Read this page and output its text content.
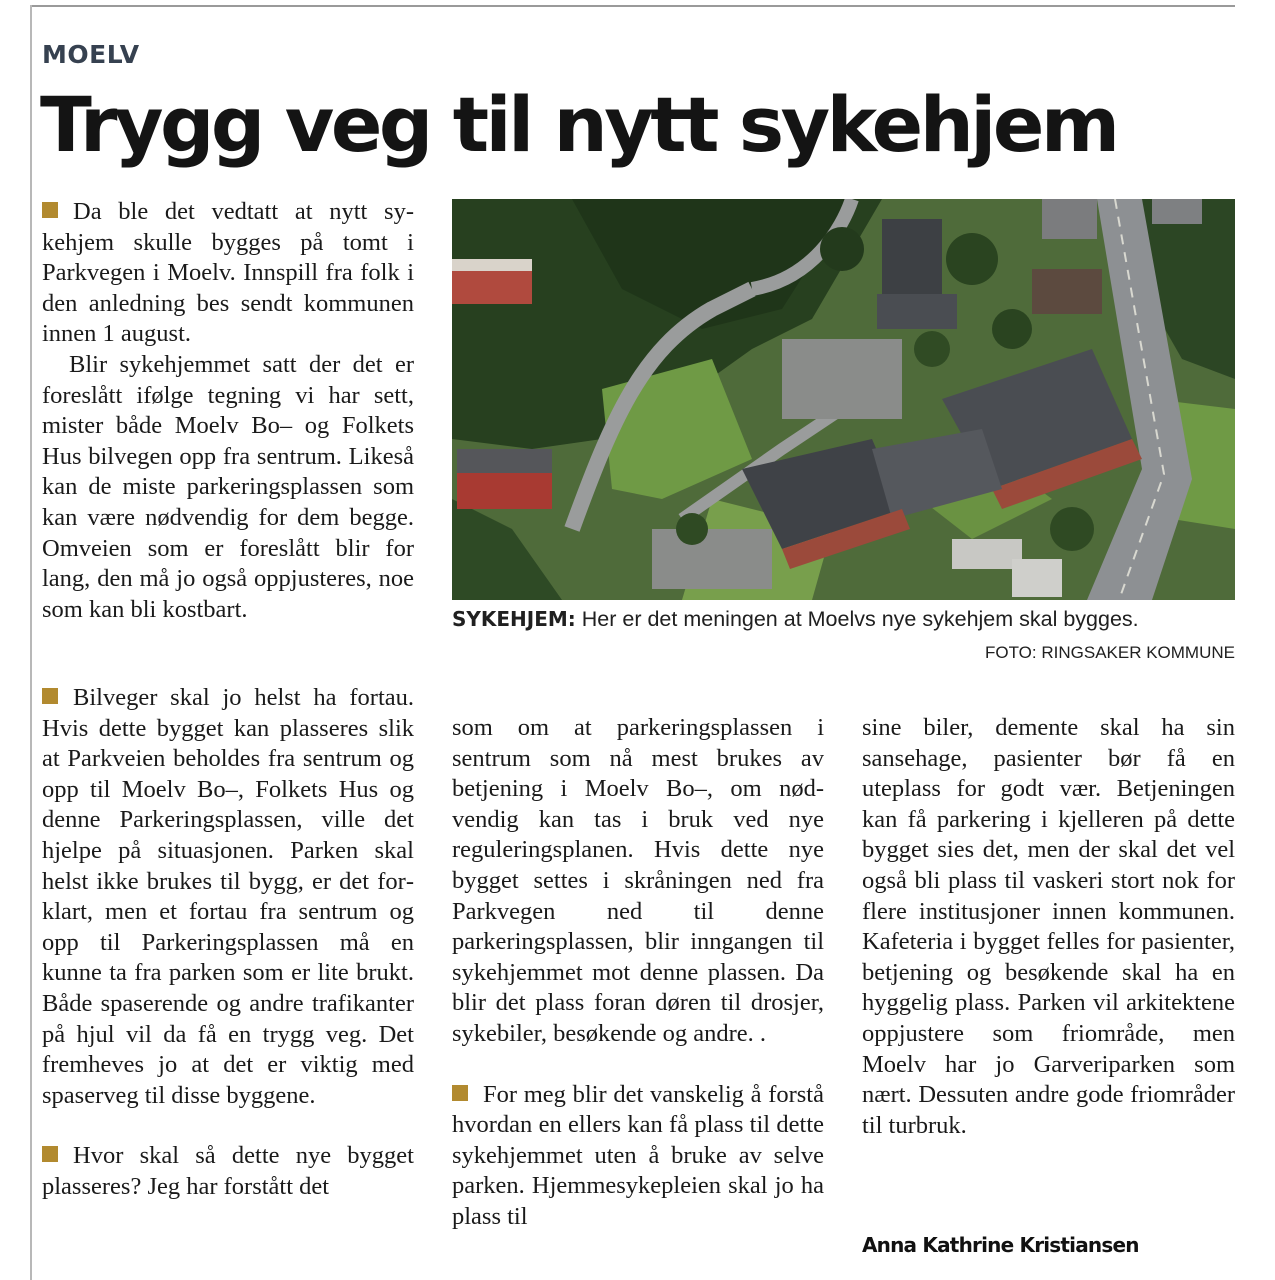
MOELV
Trygg veg til nytt sykehjem

Da ble det vedtatt at nytt sykehjem skulle bygges på tomt i Parkvegen i Moelv. Innspill fra folk i den anledning bes sendt kommunen innen 1 august.

Blir sykehjemmet satt der det er foreslått ifølge tegning vi har sett, mister både Moelv Bo– og Folkets Hus bilvegen opp fra sentrum. Likeså kan de miste parkeringsplassen som kan være nødvendig for dem begge. Omveien som er foreslått blir for lang, den må jo også oppjusteres, noe som kan bli kostbart.	SYKEHJEM: Her er det meningen at Moelvs nye sykehjem skal bygges.
FOTO: RINGSAKER KOMMUNE

Bilveger skal jo helst ha fortau. Hvis dette bygget kan plasseres slik at Parkveien beholdes fra sentrum og opp til Moelv Bo–, Folkets Hus og denne Parkeringsplassen, ville det hjelpe på situasjonen. Parken skal helst ikke brukes til bygg, er det forklart, men et fortau fra sentrum og opp til Parkeringsplassen må en kunne ta fra parken som er lite brukt. Både spaserende og andre trafikanter på hjul vil da få en trygg veg. Det fremheves jo at det er viktig med spaserveg til disse byggene.

Hvor skal så dette nye bygget plasseres? Jeg har forstått det

som om at parkeringsplassen i sentrum som nå mest brukes av betjening i Moelv Bo–, om nødvendig kan tas i bruk ved nye reguleringsplanen. Hvis dette nye bygget settes i skråningen ned fra Parkvegen ned til denne parkeringsplassen, blir inngangen til sykehjemmet mot denne plassen. Da blir det plass foran døren til drosjer, sykebiler, besøkende og andre. .

For meg blir det vanskelig å forstå hvordan en ellers kan få plass til dette sykehjemmet uten å bruke av selve parken. Hjemmesykepleien skal jo ha plass til

sine biler, demente skal ha sin sansehage, pasienter bør få en uteplass for godt vær. Betjeningen kan få parkering i kjelleren på dette bygget sies det, men der skal det vel også bli plass til vaskeri stort nok for flere institusjoner innen kommunen. Kafeteria i bygget felles for pasienter, betjening og besøkende skal ha en hyggelig plass. Parken vil arkitektene oppjustere som friområde, men Moelv har jo Garveriparken som nært. Dessuten andre gode friområder til turbruk.

Anna Kathrine Kristiansen
